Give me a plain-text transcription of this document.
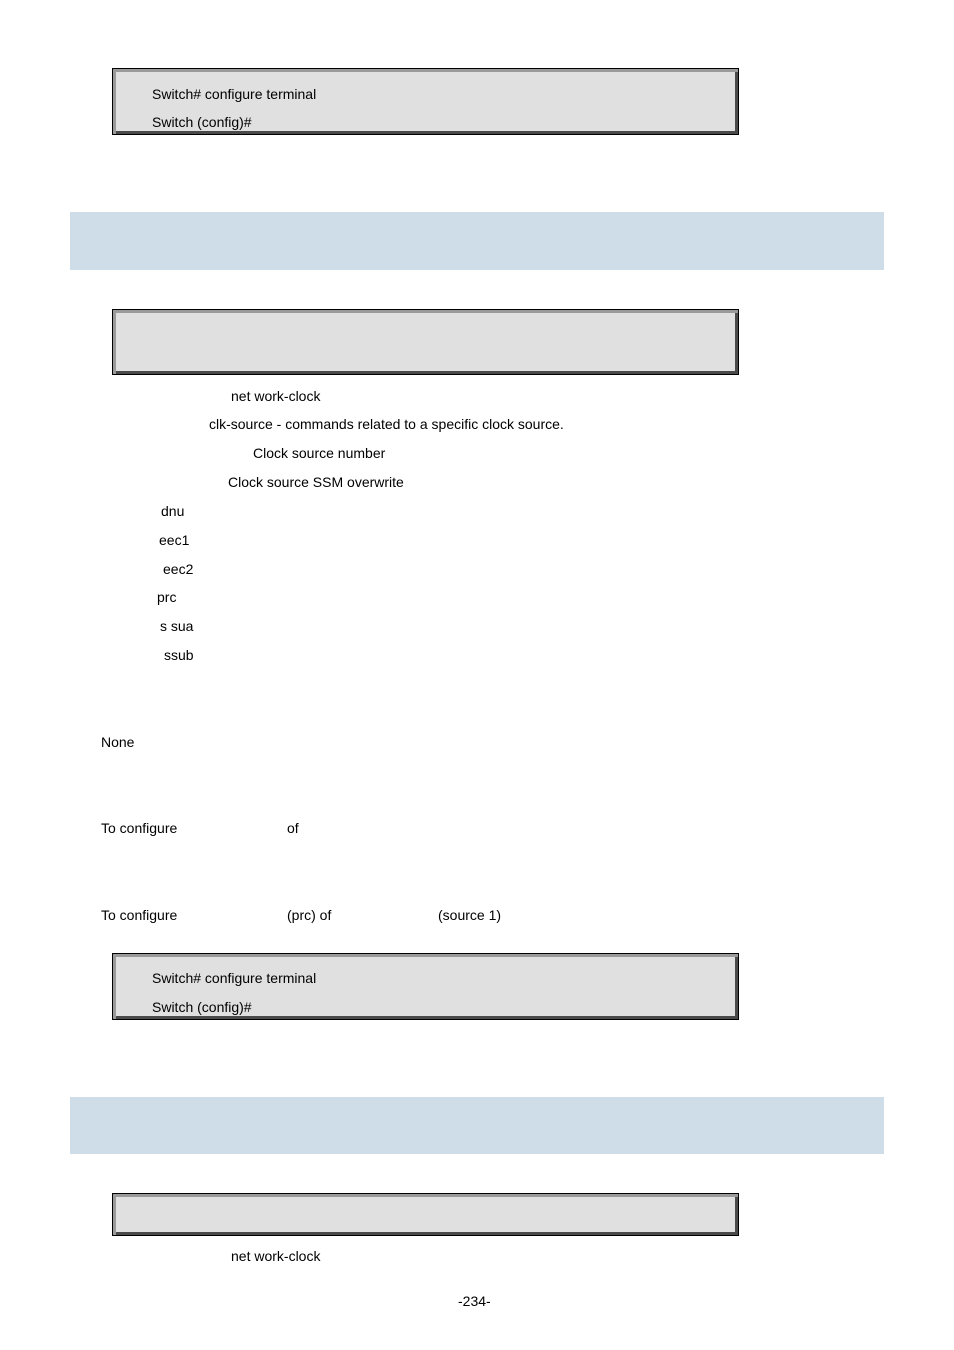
Switch# configure terminal
Switch (config)#
net work-clock
clk-source - commands related to a specific clock source.
Clock source number
Clock source SSM overwrite
dnu
eec1
eec2
prc
s sua
ssub
None
To configure	of
To configure	(prc) of	(source 1)
Switch# configure terminal
Switch (config)#
net work-clock
-234-
